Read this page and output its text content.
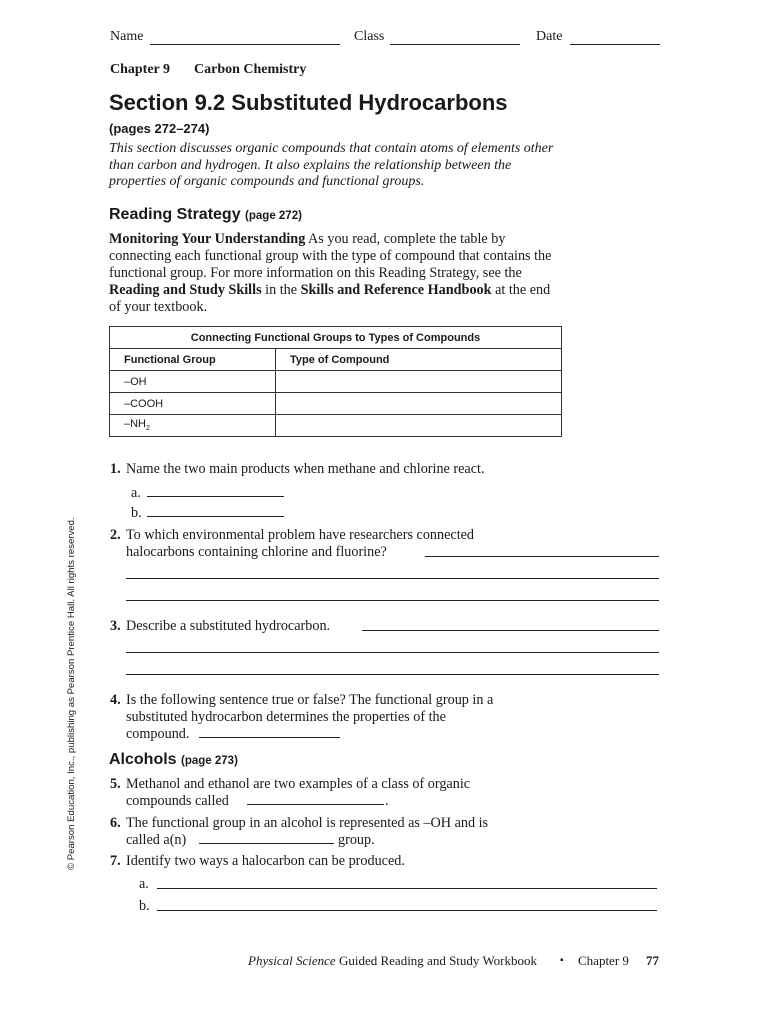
Name	Class	Date
Chapter 9 Carbon Chemistry
Section 9.2 Substituted Hydrocarbons
(pages 272–274)
This section discusses organic compounds that contain atoms of elements other than carbon and hydrogen. It also explains the relationship between the properties of organic compounds and functional groups.
Reading Strategy (page 272)
Monitoring Your Understanding As you read, complete the table by connecting each functional group with the type of compound that contains the functional group. For more information on this Reading Strategy, see the Reading and Study Skills in the Skills and Reference Handbook at the end of your textbook.
Connecting Functional Groups to Types of Compounds	
Functional Group	Type of Compound
–OH	
–COOH	
$-NH_2$	
1. Name the two main products when methane and chlorine react.
a.
b.
2. To which environmental problem have researchers connected
halocarbons containing chlorine and fluorine?
3. Describe a substituted hydrocarbon.
4. Is the following sentence true or false? The functional group in a
substituted hydrocarbon determines the properties of the
compound.
Alcohols (page 273)
5. Methanol and ethanol are two examples of a class of organic
compounds called	.
6. The functional group in an alcohol is represented as –OH and is
called a(n)	group.
7. Identify two ways a halocarbon can be produced.
a.
b.
© Pearson Education, Inc., publishing as Pearson Prentice Hall. All rights reserved.
Physical Science Guided Reading and Study Workbook ▪ Chapter 9 77
